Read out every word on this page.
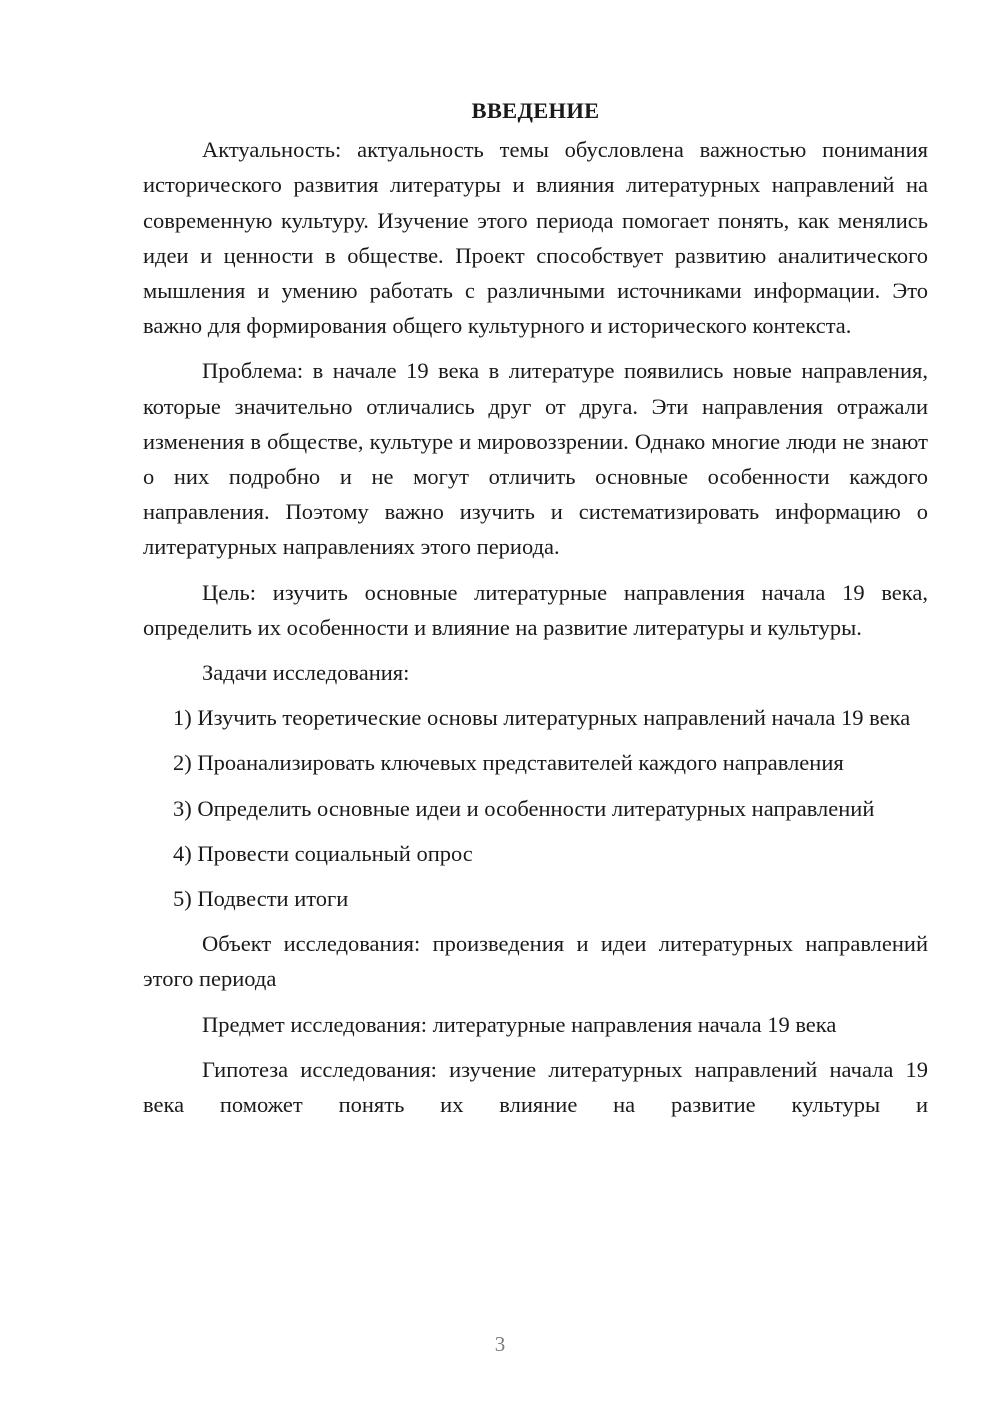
ВВЕДЕНИЕ

Актуальность: актуальность темы обусловлена важностью понимания исторического развития литературы и влияния литературных направлений на современную культуру. Изучение этого периода помогает понять, как менялись идеи и ценности в обществе. Проект способствует развитию аналитического мышления и умению работать с различными источниками информации. Это важно для формирования общего культурного и исторического контекста.

Проблема: в начале 19 века в литературе появились новые направления, которые значительно отличались друг от друга. Эти направления отражали изменения в обществе, культуре и мировоззрении. Однако многие люди не знают о них подробно и не могут отличить основные особенности каждого направления. Поэтому важно изучить и систематизировать информацию о литературных направлениях этого периода.

Цель: изучить основные литературные направления начала 19 века, определить их особенности и влияние на развитие литературы и культуры.

Задачи исследования:

1) Изучить теоретические основы литературных направлений начала 19 века

2) Проанализировать ключевых представителей каждого направления

3) Определить основные идеи и особенности литературных направлений

4) Провести социальный опрос

5) Подвести итоги

Объект исследования: произведения и идеи литературных направлений этого периода

Предмет исследования: литературные направления начала 19 века

Гипотеза исследования: изучение литературных направлений начала 19 века поможет понять их влияние на развитие культуры и

3
